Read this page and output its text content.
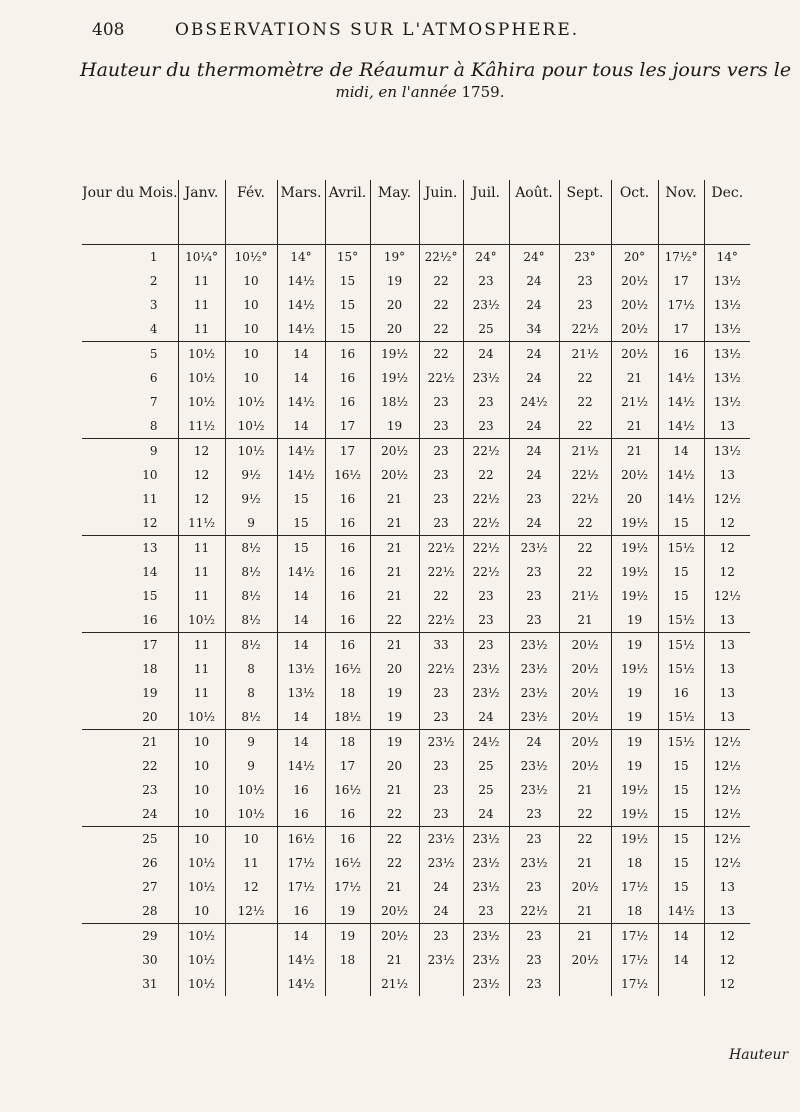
408	OBSERVATIONS SUR L'ATMOSPHERE.
Hauteur du thermomètre de Réaumur à Kâhira pour tous les jours vers le
midi, en l'année 1759.
Jour du Mois.	Janv.	Fév.	Mars.	Avril.	May.	Juin.	Juil.	Août.	Sept.	Oct.	Nov.	Dec.
1	10¼°	10½°	14°	15°	19°	22½°	24°	24°	23°	20°	17½°	14°
2	11	10	14½	15	19	22	23	24	23	20½	17	13½
3	11	10	14½	15	20	22	23½	24	23	20½	17½	13½
4	11	10	14½	15	20	22	25	34	22½	20½	17	13½
5	10½	10	14	16	19½	22	24	24	21½	20½	16	13½
6	10½	10	14	16	19½	22½	23½	24	22	21	14½	13½
7	10½	10½	14½	16	18½	23	23	24½	22	21½	14½	13½
8	11½	10½	14	17	19	23	23	24	22	21	14½	13
9	12	10½	14½	17	20½	23	22½	24	21½	21	14	13½
10	12	9½	14½	16½	20½	23	22	24	22½	20½	14½	13
11	12	9½	15	16	21	23	22½	23	22½	20	14½	12½
12	11½	9	15	16	21	23	22½	24	22	19½	15	12
13	11	8½	15	16	21	22½	22½	23½	22	19½	15½	12
14	11	8½	14½	16	21	22½	22½	23	22	19½	15	12
15	11	8½	14	16	21	22	23	23	21½	19½	15	12½
16	10½	8½	14	16	22	22½	23	23	21	19	15½	13
17	11	8½	14	16	21	33	23	23½	20½	19	15½	13
18	11	8	13½	16½	20	22½	23½	23½	20½	19½	15½	13
19	11	8	13½	18	19	23	23½	23½	20½	19	16	13
20	10½	8½	14	18½	19	23	24	23½	20½	19	15½	13
21	10	9	14	18	19	23½	24½	24	20½	19	15½	12½
22	10	9	14½	17	20	23	25	23½	20½	19	15	12½
23	10	10½	16	16½	21	23	25	23½	21	19½	15	12½
24	10	10½	16	16	22	23	24	23	22	19½	15	12½
25	10	10	16½	16	22	23½	23½	23	22	19½	15	12½
26	10½	11	17½	16½	22	23½	23½	23½	21	18	15	12½
27	10½	12	17½	17½	21	24	23½	23	20½	17½	15	13
28	10	12½	16	19	20½	24	23	22½	21	18	14½	13
29	10½		14	19	20½	23	23½	23	21	17½	14	12
30	10½		14½	18	21	23½	23½	23	20½	17½	14	12
31	10½		14½		21½		23½	23		17½		12
Hauteur
